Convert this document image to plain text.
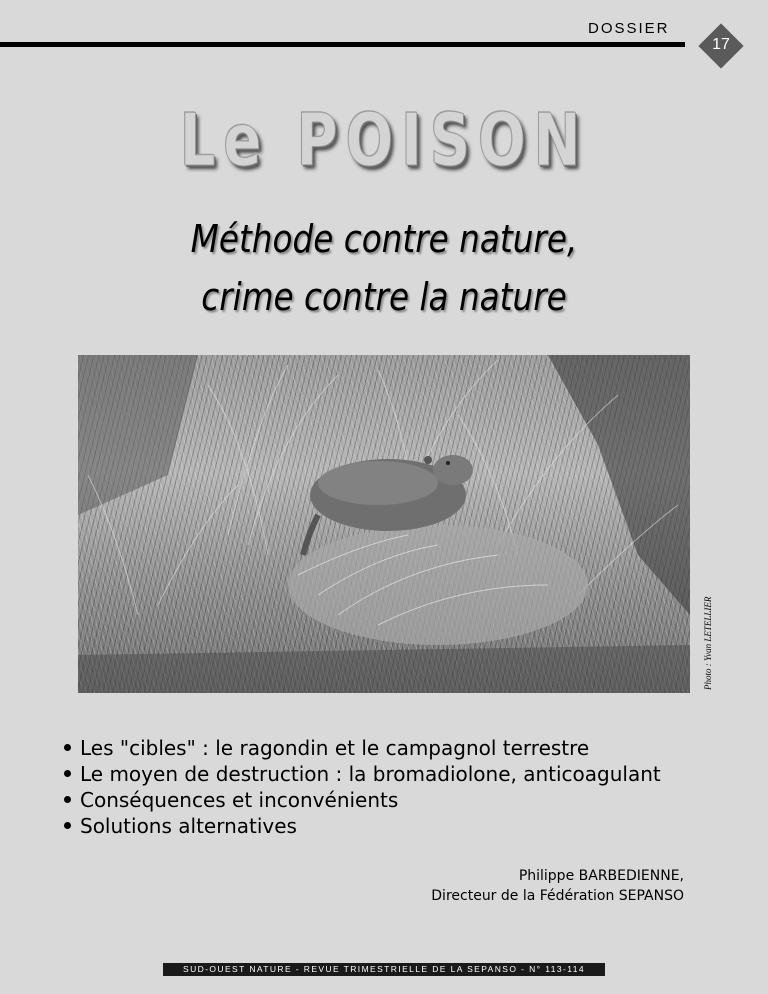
DOSSIER
17
Le POISON
Méthode contre nature,
crime contre la nature
Photo : Yvan LETELLIER
Les "cibles" : le ragondin et le campagnol terrestre
Le moyen de destruction : la bromadiolone, anticoagulant
Conséquences et inconvénients
Solutions alternatives
Philippe BARBEDIENNE,
Directeur de la Fédération SEPANSO
SUD-OUEST NATURE - REVUE TRIMESTRIELLE DE LA SEPANSO - N° 113-114
